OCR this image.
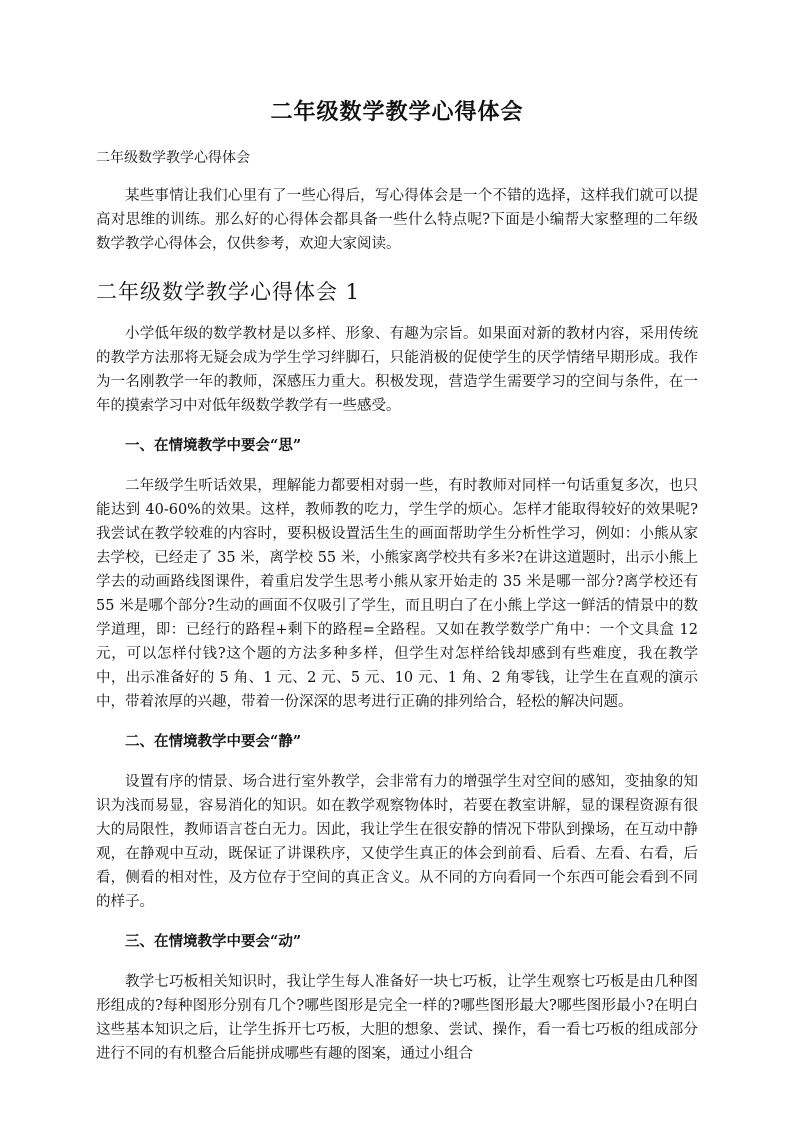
二年级数学教学心得体会

二年级数学教学心得体会

某些事情让我们心里有了一些心得后，写心得体会是一个不错的选择，这样我们就可以提高对思维的训练。那么好的心得体会都具备一些什么特点呢?下面是小编帮大家整理的二年级数学教学心得体会，仅供参考，欢迎大家阅读。

二年级数学教学心得体会 1

小学低年级的数学教材是以多样、形象、有趣为宗旨。如果面对新的教材内容，采用传统的教学方法那将无疑会成为学生学习绊脚石，只能消极的促使学生的厌学情绪早期形成。我作为一名刚教学一年的教师，深感压力重大。积极发现，营造学生需要学习的空间与条件，在一年的摸索学习中对低年级数学教学有一些感受。

一、在情境教学中要会“思”

二年级学生听话效果，理解能力都要相对弱一些，有时教师对同样一句话重复多次，也只能达到 40-60%的效果。这样，教师教的吃力，学生学的烦心。怎样才能取得较好的效果呢?我尝试在教学较难的内容时，要积极设置活生生的画面帮助学生分析性学习，例如：小熊从家去学校，已经走了 35 米，离学校 55 米，小熊家离学校共有多米?在讲这道题时，出示小熊上学去的动画路线图课件，着重启发学生思考小熊从家开始走的 35 米是哪一部分?离学校还有 55 米是哪个部分?生动的画面不仅吸引了学生，而且明白了在小熊上学这一鲜活的情景中的数学道理，即：已经行的路程+剩下的路程=全路程。又如在教学数学广角中：一个文具盒 12 元，可以怎样付钱?这个题的方法多种多样，但学生对怎样给钱却感到有些难度，我在教学中，出示准备好的 5 角、1 元、2 元、5 元、10 元、1 角、2 角零钱，让学生在直观的演示中，带着浓厚的兴趣，带着一份深深的思考进行正确的排列给合，轻松的解决问题。

二、在情境教学中要会“静”

设置有序的情景、场合进行室外教学，会非常有力的增强学生对空间的感知，变抽象的知识为浅而易显，容易消化的知识。如在教学观察物体时，若要在教室讲解，显的课程资源有很大的局限性，教师语言苍白无力。因此，我让学生在很安静的情况下带队到操场，在互动中静观，在静观中互动，既保证了讲课秩序，又使学生真正的体会到前看、后看、左看、右看，后看，侧看的相对性，及方位存于空间的真正含义。从不同的方向看同一个东西可能会看到不同的样子。

三、在情境教学中要会“动”

教学七巧板相关知识时，我让学生每人准备好一块七巧板，让学生观察七巧板是由几种图形组成的?每种图形分别有几个?哪些图形是完全一样的?哪些图形最大?哪些图形最小?在明白这些基本知识之后，让学生拆开七巧板，大胆的想象、尝试、操作，看一看七巧板的组成部分进行不同的有机整合后能拼成哪些有趣的图案，通过小组合
